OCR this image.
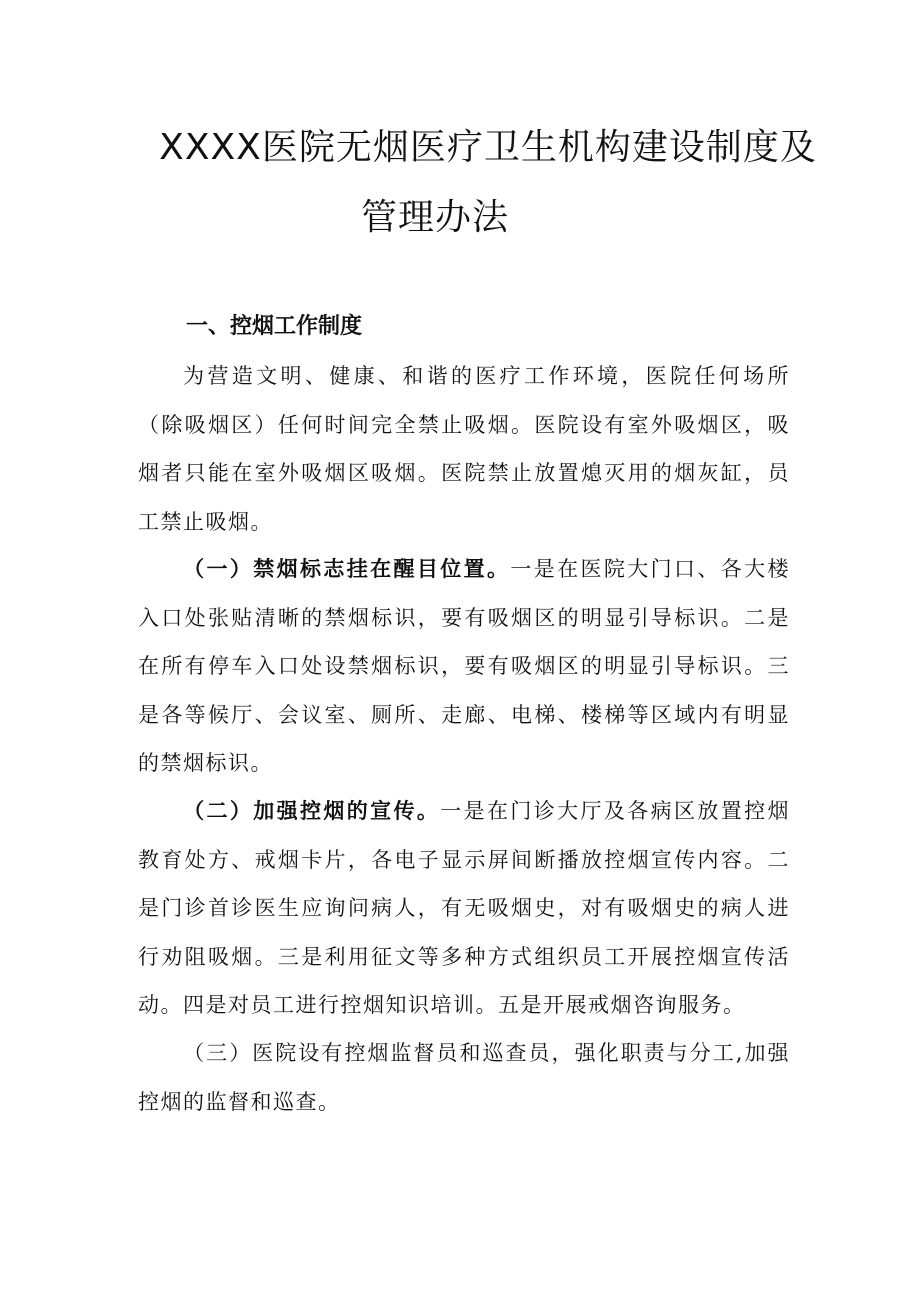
XXXX医院无烟医疗卫生机构建设制度及
管理办法
一、控烟工作制度

为营造文明、健康、和谐的医疗工作环境，医院任何场所（除吸烟区）任何时间完全禁止吸烟。医院设有室外吸烟区，吸烟者只能在室外吸烟区吸烟。医院禁止放置熄灭用的烟灰缸，员工禁止吸烟。

（一）禁烟标志挂在醒目位置。一是在医院大门口、各大楼入口处张贴清晰的禁烟标识，要有吸烟区的明显引导标识。二是在所有停车入口处设禁烟标识，要有吸烟区的明显引导标识。三是各等候厅、会议室、厕所、走廊、电梯、楼梯等区域内有明显的禁烟标识。

（二）加强控烟的宣传。一是在门诊大厅及各病区放置控烟教育处方、戒烟卡片，各电子显示屏间断播放控烟宣传内容。二是门诊首诊医生应询问病人，有无吸烟史，对有吸烟史的病人进行劝阻吸烟。三是利用征文等多种方式组织员工开展控烟宣传活动。四是对员工进行控烟知识培训。五是开展戒烟咨询服务。

（三）医院设有控烟监督员和巡查员，强化职责与分工,加强控烟的监督和巡查。
